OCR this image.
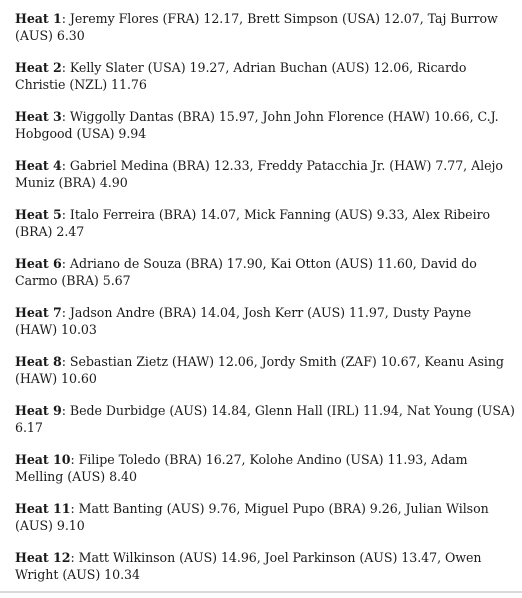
Heat 1: Jeremy Flores (FRA) 12.17, Brett Simpson (USA) 12.07, Taj Burrow (AUS) 6.30

Heat 2: Kelly Slater (USA) 19.27, Adrian Buchan (AUS) 12.06, Ricardo Christie (NZL) 11.76

Heat 3: Wiggolly Dantas (BRA) 15.97, John John Florence (HAW) 10.66, C.J. Hobgood (USA) 9.94

Heat 4: Gabriel Medina (BRA) 12.33, Freddy Patacchia Jr. (HAW) 7.77, Alejo Muniz (BRA) 4.90

Heat 5: Italo Ferreira (BRA) 14.07, Mick Fanning (AUS) 9.33, Alex Ribeiro (BRA) 2.47

Heat 6: Adriano de Souza (BRA) 17.90, Kai Otton (AUS) 11.60, David do Carmo (BRA) 5.67

Heat 7: Jadson Andre (BRA) 14.04, Josh Kerr (AUS) 11.97, Dusty Payne (HAW) 10.03

Heat 8: Sebastian Zietz (HAW) 12.06, Jordy Smith (ZAF) 10.67, Keanu Asing (HAW) 10.60

Heat 9: Bede Durbidge (AUS) 14.84, Glenn Hall (IRL) 11.94, Nat Young (USA) 6.17

Heat 10: Filipe Toledo (BRA) 16.27, Kolohe Andino (USA) 11.93, Adam Melling (AUS) 8.40

Heat 11: Matt Banting (AUS) 9.76, Miguel Pupo (BRA) 9.26, Julian Wilson (AUS) 9.10

Heat 12: Matt Wilkinson (AUS) 14.96, Joel Parkinson (AUS) 13.47, Owen Wright (AUS) 10.34
